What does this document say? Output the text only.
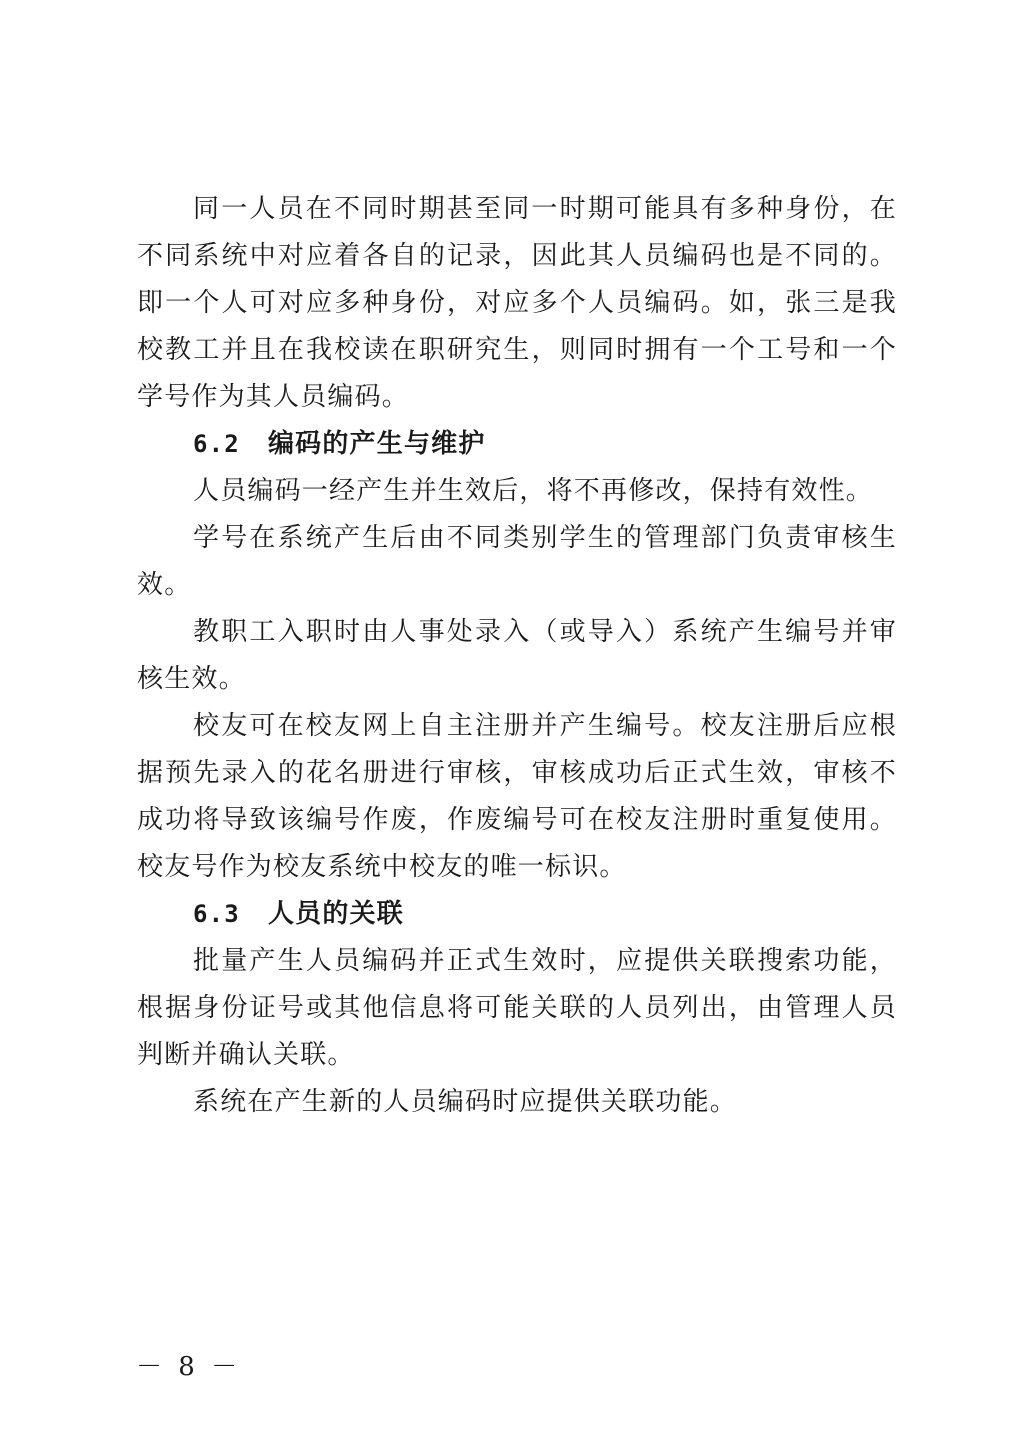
同一人员在不同时期甚至同一时期可能具有多种身份，在不同系统中对应着各自的记录，因此其人员编码也是不同的。即一个人可对应多种身份，对应多个人员编码。如，张三是我校教工并且在我校读在职研究生，则同时拥有一个工号和一个学号作为其人员编码。

6.2 编码的产生与维护

人员编码一经产生并生效后，将不再修改，保持有效性。

学号在系统产生后由不同类别学生的管理部门负责审核生效。

教职工入职时由人事处录入（或导入）系统产生编号并审核生效。

校友可在校友网上自主注册并产生编号。校友注册后应根据预先录入的花名册进行审核，审核成功后正式生效，审核不成功将导致该编号作废，作废编号可在校友注册时重复使用。校友号作为校友系统中校友的唯一标识。

6.3 人员的关联

批量产生人员编码并正式生效时，应提供关联搜索功能，根据身份证号或其他信息将可能关联的人员列出，由管理人员判断并确认关联。

系统在产生新的人员编码时应提供关联功能。

－ 8 －
